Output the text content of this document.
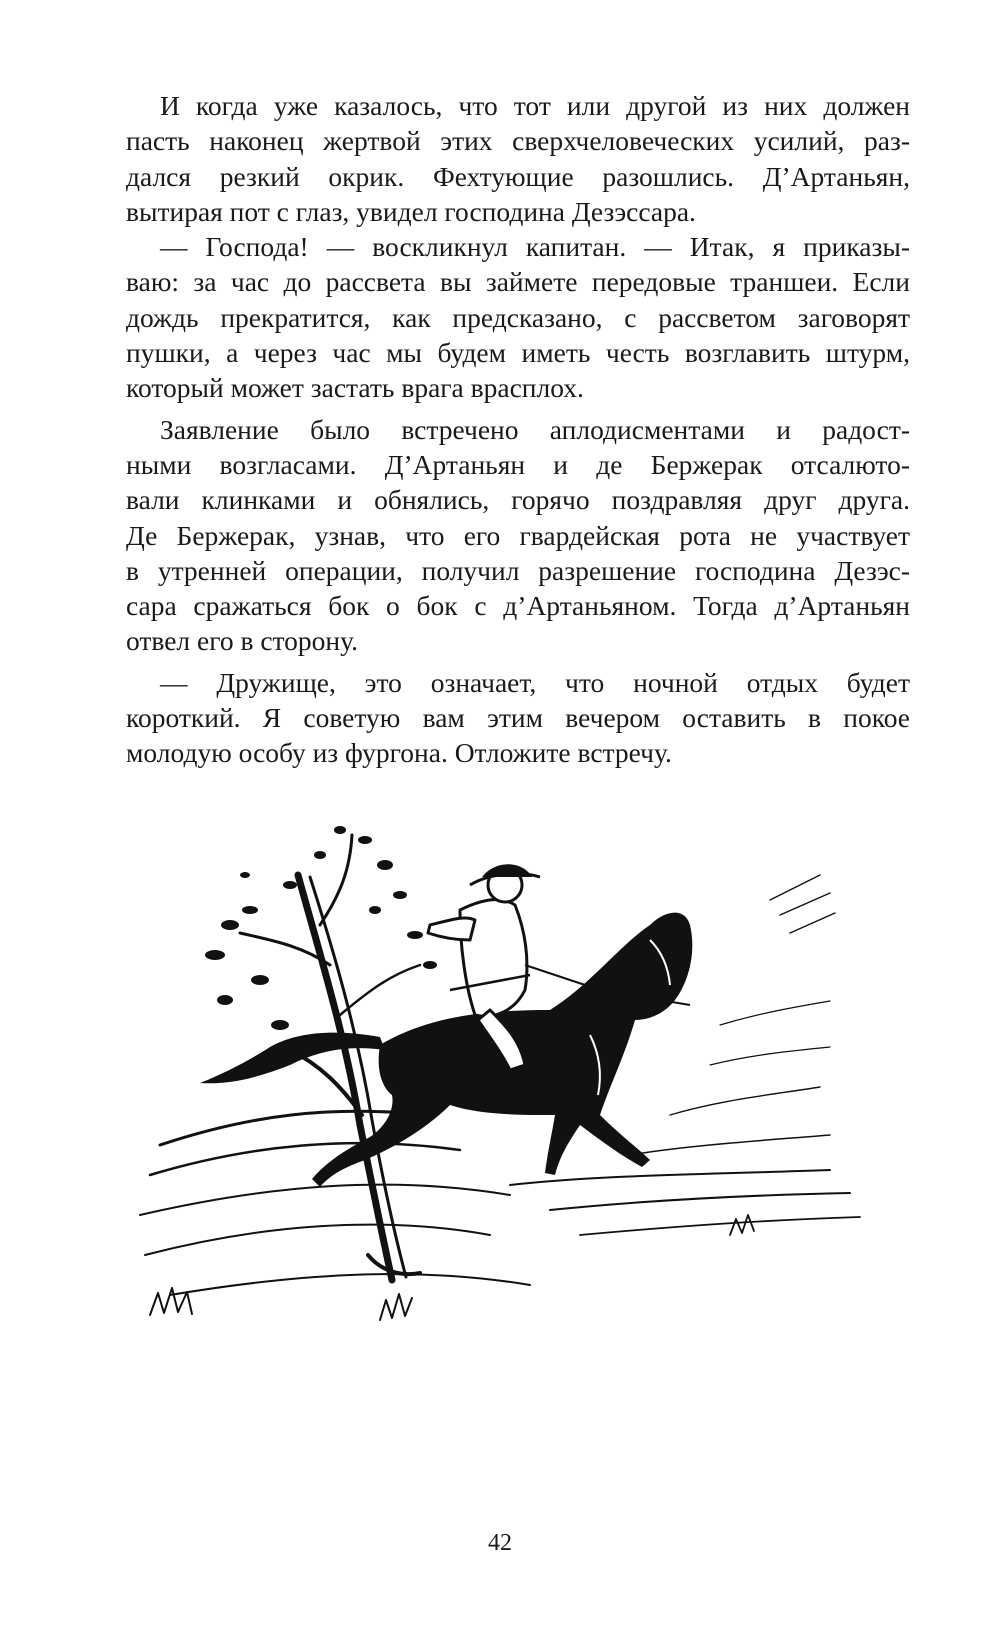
И когда уже казалось, что тот или другой из них должен
пасть наконец жертвой этих сверхчеловеческих усилий, раз-
дался резкий окрик. Фехтующие разошлись. Д’Артаньян,
вытирая пот с глаз, увидел господина Дезэссара.
— Господа! — воскликнул капитан. — Итак, я приказы-
ваю: за час до рассвета вы займете передовые траншеи. Если
дождь прекратится, как предсказано, с рассветом заговорят
пушки, а через час мы будем иметь честь возглавить штурм,
который может застать врага врасплох.
Заявление было встречено аплодисментами и радост-
ными возгласами. Д’Артаньян и де Бержерак отсалюто-
вали клинками и обнялись, горячо поздравляя друг друга.
Де Бержерак, узнав, что его гвардейская рота не участвует
в утренней операции, получил разрешение господина Дезэс-
сара сражаться бок о бок с д’Артаньяном. Тогда д’Артаньян
отвел его в сторону.
— Дружище, это означает, что ночной отдых будет
короткий. Я советую вам этим вечером оставить в покое
молодую особу из фургона. Отложите встречу.
42
